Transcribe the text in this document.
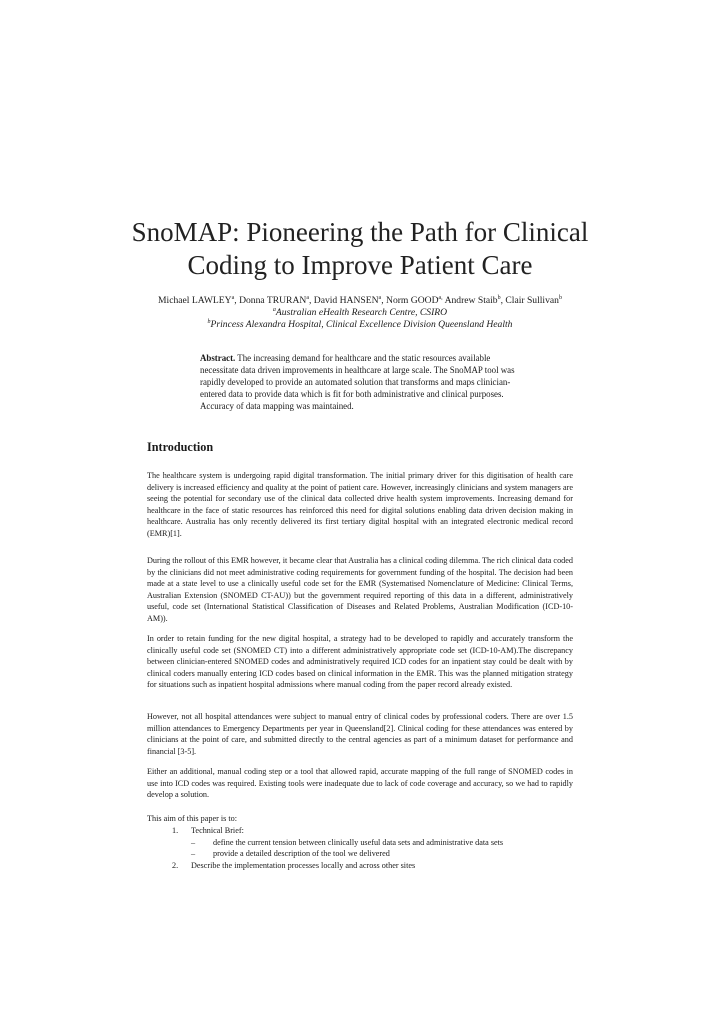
SnoMAP: Pioneering the Path for Clinical
Coding to Improve Patient Care
Michael LAWLEY$^a$, Donna TRURAN$^a$, David HANSEN$^a$, Norm $GOOD^{a,}$ Andrew Staib$^b$, Clair Sullivan$^b$
$^a$Australian eHealth Research Centre, CSIRO
$^b$Princess Alexandra Hospital, Clinical Excellence Division Queensland Health
Abstract. The increasing demand for healthcare and the static resources available necessitate data driven improvements in healthcare at large scale. The SnoMAP tool was rapidly developed to provide an automated solution that transforms and maps clinician-entered data to provide data which is fit for both administrative and clinical purposes. Accuracy of data mapping was maintained.
Introduction
The healthcare system is undergoing rapid digital transformation. The initial primary driver for this digitisation of health care delivery is increased efficiency and quality at the point of patient care. However, increasingly clinicians and system managers are seeing the potential for secondary use of the clinical data collected drive health system improvements. Increasing demand for healthcare in the face of static resources has reinforced this need for digital solutions enabling data driven decision making in healthcare. Australia has only recently delivered its first tertiary digital hospital with an integrated electronic medical record (EMR)[1].
During the rollout of this EMR however, it became clear that Australia has a clinical coding dilemma. The rich clinical data coded by the clinicians did not meet administrative coding requirements for government funding of the hospital. The decision had been made at a state level to use a clinically useful code set for the EMR (Systematised Nomenclature of Medicine: Clinical Terms, Australian Extension (SNOMED CT-AU)) but the government required reporting of this data in a different, administratively useful, code set (International Statistical Classification of Diseases and Related Problems, Australian Modification (ICD-10-AM)).
In order to retain funding for the new digital hospital, a strategy had to be developed to rapidly and accurately transform the clinically useful code set (SNOMED CT) into a different administratively appropriate code set (ICD-10-AM).The discrepancy between clinician-entered SNOMED codes and administratively required ICD codes for an inpatient stay could be dealt with by clinical coders manually entering ICD codes based on clinical information in the EMR. This was the planned mitigation strategy for situations such as inpatient hospital admissions where manual coding from the paper record already existed.
However, not all hospital attendances were subject to manual entry of clinical codes by professional coders. There are over 1.5 million attendances to Emergency Departments per year in Queensland[2]. Clinical coding for these attendances was entered by clinicians at the point of care, and submitted directly to the central agencies as part of a minimum dataset for performance and financial [3-5].
Either an additional, manual coding step or a tool that allowed rapid, accurate mapping of the full range of SNOMED codes in use into ICD codes was required. Existing tools were inadequate due to lack of code coverage and accuracy, so we had to rapidly develop a solution.
This aim of this paper is to:
1. Technical Brief:
– define the current tension between clinically useful data sets and administrative data sets
– provide a detailed description of the tool we delivered
2. Describe the implementation processes locally and across other sites
